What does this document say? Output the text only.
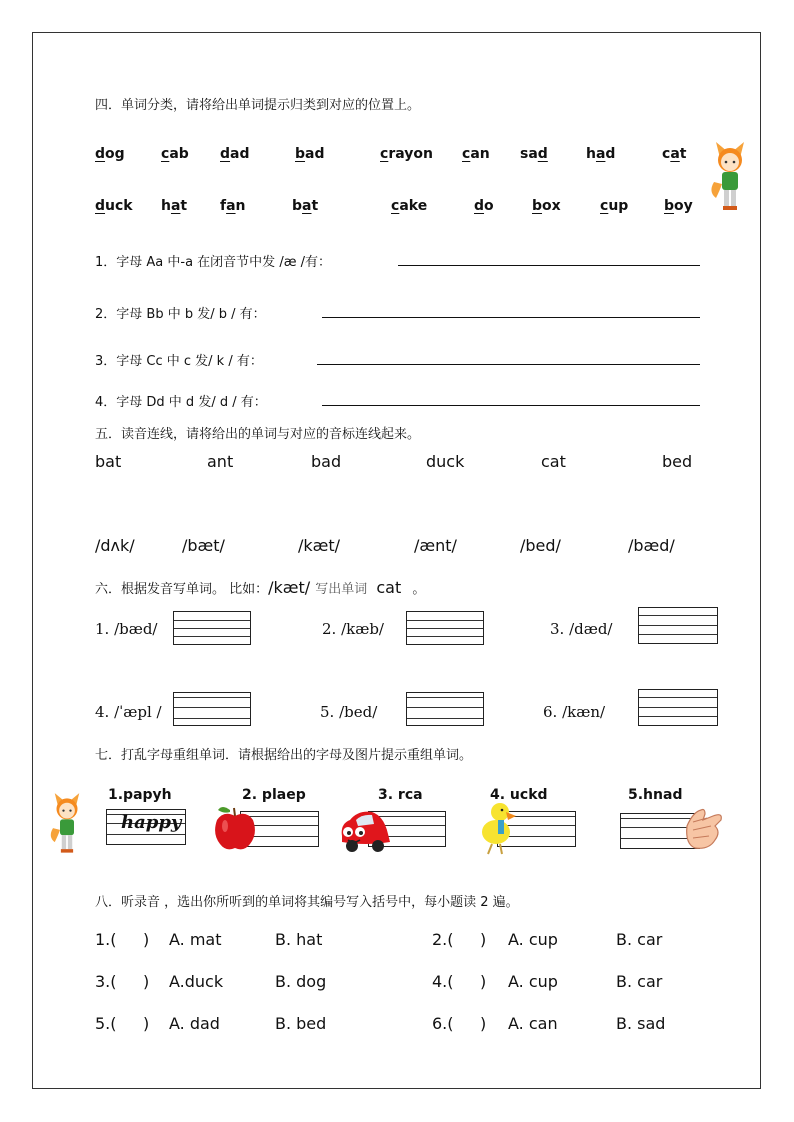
四．单词分类，请将给出单词提示归类到对应的位置上。
dog	cab dad	bad	crayon can sad	had	cat
duck hat fan	bat	cake	do	box	cup	boy
1．字母 Aa 中-a 在闭音节中发 /æ /有：
2．字母 Bb 中 b 发/ b / 有：
3．字母 Cc 中 c 发/ k / 有：
4．字母 Dd 中 d 发/ d / 有：
五．读音连线，请将给出的单词与对应的音标连线起来。
bat	ant	bad	duck	cat	bed
/dʌk/	/bæt/	/kæt/	/ænt/	/bed/	/bæd/
六．根据发音写单词。 比如：/kæt/ 写出单词 cat 。
1. /bæd/	2. /kæb/	3. /dæd/
4. /ˈæpl /	5. /bed/	6. /kæn/
七．打乱字母重组单词．请根据给出的字母及图片提示重组单词。
1.papyh
happy
2. plaep	3. rca	4. uckd	5.hnad
八．听录音 ，选出你所听到的单词将其编号写入括号中，每小题读 2 遍。
1.( ) A. mat	B. hat	2.( ) A. cup	B. car
3.( ) A.duck	B. dog	4.( ) A. cup	B. car
5.( ) A. dad	B. bed	6.( ) A. can	B. sad
